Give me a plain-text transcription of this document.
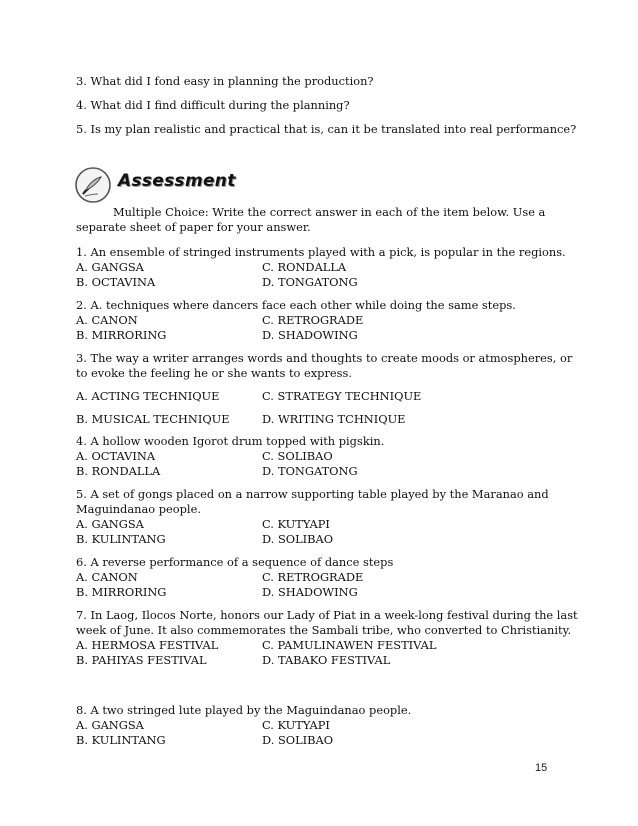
3. What did I fond easy in planning the production?
4. What did I find difficult during the planning?
5. Is my plan realistic and practical that is, can it be translated into real performance?
Assessment
Multiple Choice: Write the correct answer in each of the item below. Use a
separate sheet of paper for your answer.
1. An ensemble of stringed instruments played with a pick, is popular in the regions.
A. GANGSA	C. RONDALLA
B. OCTAVINA	D. TONGATONG
2. A. techniques where dancers face each other while doing the same steps.
A. CANON	C. RETROGRADE
B. MIRRORING	D. SHADOWING
3. The way a writer arranges words and thoughts to create moods or atmospheres, or
to evoke the feeling he or she wants to express.
A. ACTING TECHNIQUE	C. STRATEGY TECHNIQUE
B. MUSICAL TECHNIQUE	D. WRITING TCHNIQUE
4. A hollow wooden Igorot drum topped with pigskin.
A. OCTAVINA	C. SOLIBAO
B. RONDALLA	D. TONGATONG
5. A set of gongs placed on a narrow supporting table played by the Maranao and
Maguindanao people.
A. GANGSA	C. KUTYAPI
B. KULINTANG	D. SOLIBAO
6. A reverse performance of a sequence of dance steps
A. CANON	C. RETROGRADE
B. MIRRORING	D. SHADOWING
7. In Laog, Ilocos Norte, honors our Lady of Piat in a week-long festival during the last
week of June. It also commemorates the Sambali tribe, who converted to Christianity.
A. HERMOSA FESTIVAL	C. PAMULINAWEN FESTIVAL
B. PAHIYAS FESTIVAL	D. TABAKO FESTIVAL
8. A two stringed lute played by the Maguindanao people.
A. GANGSA	C. KUTYAPI
B. KULINTANG	D. SOLIBAO
15
